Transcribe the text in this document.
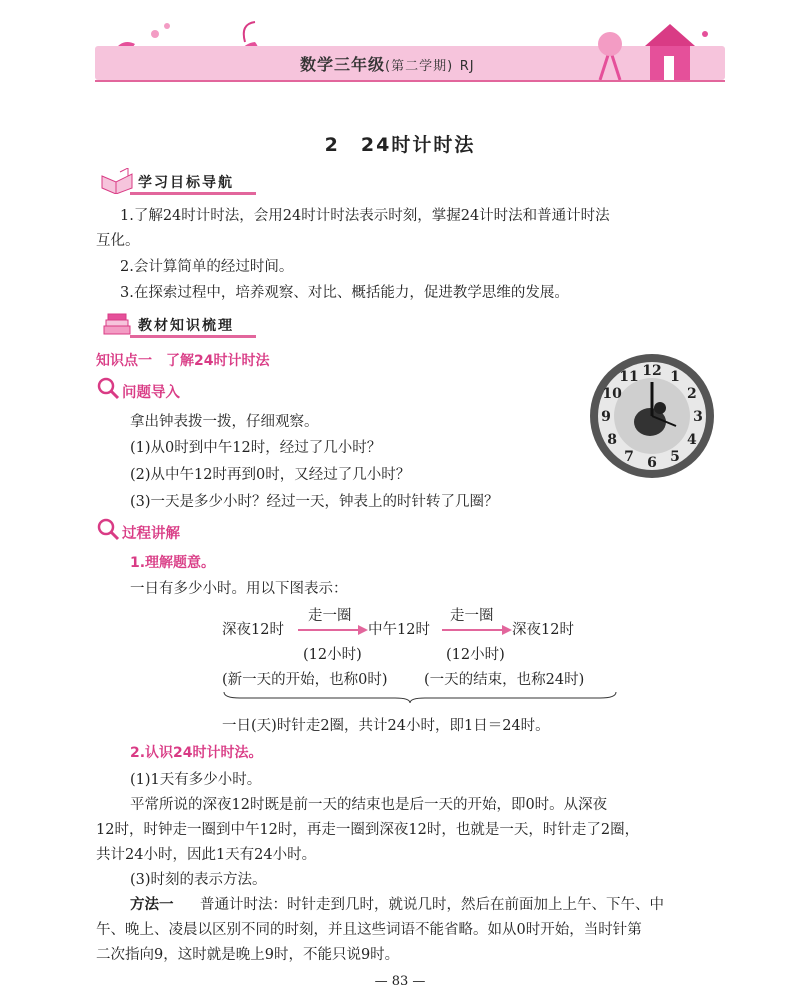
数学三年级(第二学期) RJ
2　24时计时法
学习目标导航
1.了解24时计时法，会用24时计时法表示时刻，掌握24计时法和普通计时法
互化。
2.会计算简单的经过时间。
3.在探索过程中，培养观察、对比、概括能力，促进教学思维的发展。
教材知识梳理
知识点一　了解24时计时法
问题导入
拿出钟表拨一拨，仔细观察。
(1)从0时到中午12时，经过了几小时？
(2)从中午12时再到0时，又经过了几小时？
(3)一天是多少小时？经过一天，钟表上的时针转了几圈？
12 1
2
3
4
5
6
7
8
9
10
11
过程讲解
1.理解题意。
一日有多少小时。用以下图表示：
深夜12时
走一圈
中午12时
走一圈
深夜12时
(12小时)	(12小时)
(新一天的开始，也称0时)	(一天的结束，也称24时)
一日(天)时针走2圈，共计24小时，即1日＝24时。
2.认识24时计时法。
(1)1天有多少小时。
平常所说的深夜12时既是前一天的结束也是后一天的开始，即0时。从深夜
12时，时钟走一圈到中午12时，再走一圈到深夜12时，也就是一天，时针走了2圈，
共计24小时，因此1天有24小时。
(3)时刻的表示方法。
方法一 普通计时法：时针走到几时，就说几时，然后在前面加上上午、下午、中
午、晚上、凌晨以区别不同的时刻，并且这些词语不能省略。如从0时开始，当时针第
二次指向9，这时就是晚上9时，不能只说9时。
— 83 —
